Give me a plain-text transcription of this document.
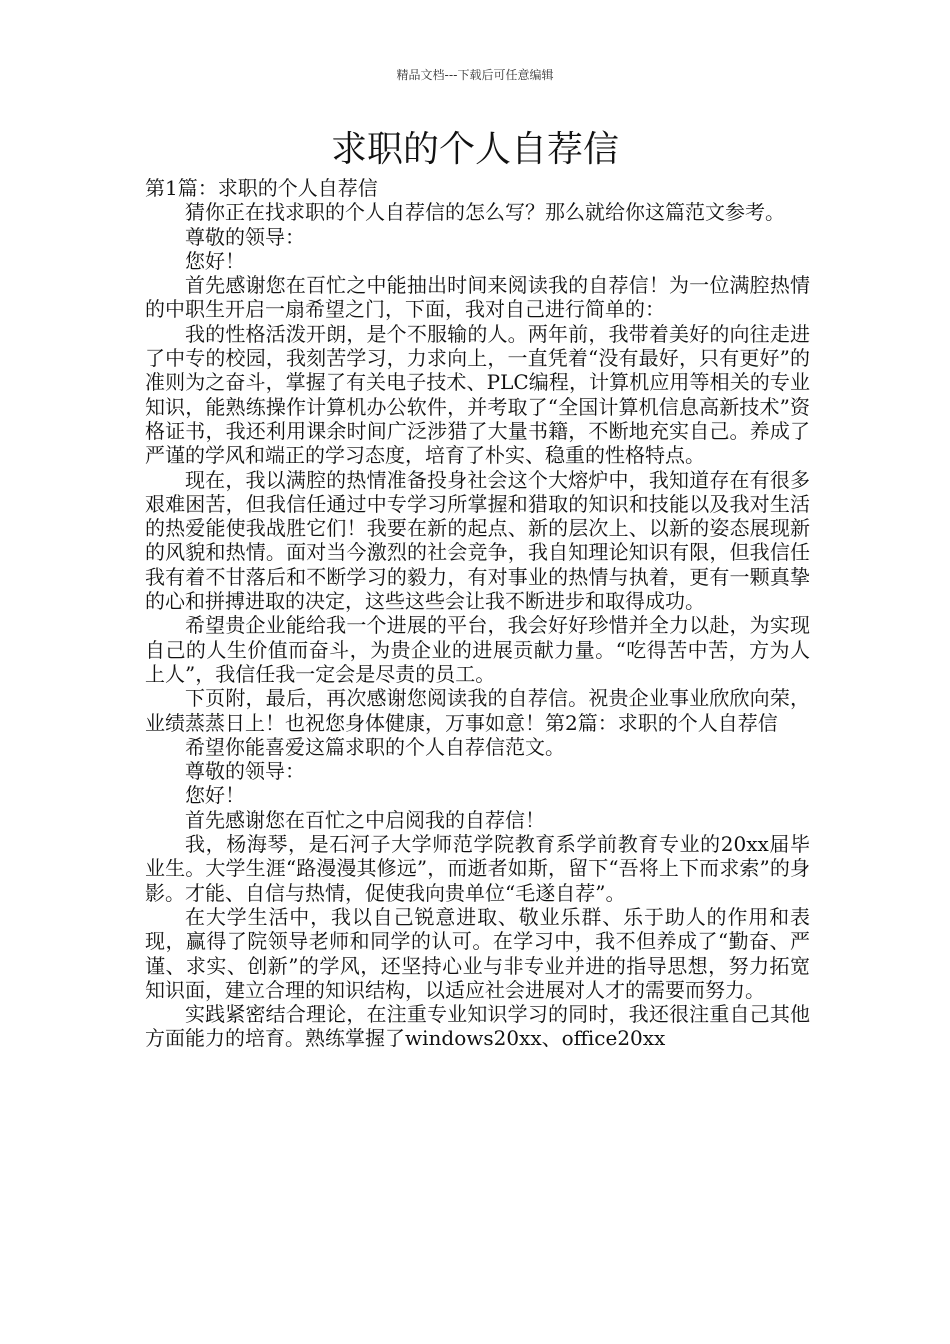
精品文档---下载后可任意编辑
求职的个人自荐信

第1篇：求职的个人自荐信

猜你正在找求职的个人自荐信的怎么写？那么就给你这篇范文参考。

尊敬的领导：

您好！

首先感谢您在百忙之中能抽出时间来阅读我的自荐信！为一位满腔热情的中职生开启一扇希望之门，下面，我对自己进行简单的：

我的性格活泼开朗，是个不服输的人。两年前，我带着美好的向往走进了中专的校园，我刻苦学习，力求向上，一直凭着“没有最好，只有更好”的准则为之奋斗，掌握了有关电子技术、PLC编程，计算机应用等相关的专业知识，能熟练操作计算机办公软件，并考取了“全国计算机信息高新技术”资格证书，我还利用课余时间广泛涉猎了大量书籍，不断地充实自己。养成了严谨的学风和端正的学习态度，培育了朴实、稳重的性格特点。

现在，我以满腔的热情准备投身社会这个大熔炉中，我知道存在有很多艰难困苦，但我信任通过中专学习所掌握和猎取的知识和技能以及我对生活的热爱能使我战胜它们！我要在新的起点、新的层次上、以新的姿态展现新的风貌和热情。面对当今激烈的社会竞争，我自知理论知识有限，但我信任我有着不甘落后和不断学习的毅力，有对事业的热情与执着，更有一颗真挚的心和拼搏进取的决定，这些这些会让我不断进步和取得成功。

希望贵企业能给我一个进展的平台，我会好好珍惜并全力以赴，为实现自己的人生价值而奋斗，为贵企业的进展贡献力量。“吃得苦中苦，方为人上人”，我信任我一定会是尽责的员工。

下页附，最后，再次感谢您阅读我的自荐信。祝贵企业事业欣欣向荣，业绩蒸蒸日上！也祝您身体健康，万事如意！第2篇：求职的个人自荐信

希望你能喜爱这篇求职的个人自荐信范文。

尊敬的领导：

您好！

首先感谢您在百忙之中启阅我的自荐信！

我，杨海琴，是石河子大学师范学院教育系学前教育专业的20xx届毕业生。大学生涯“路漫漫其修远”，而逝者如斯，留下“吾将上下而求索”的身影。才能、自信与热情，促使我向贵单位“毛遂自荐”。

在大学生活中，我以自己锐意进取、敬业乐群、乐于助人的作用和表现，赢得了院领导老师和同学的认可。在学习中，我不但养成了“勤奋、严谨、求实、创新”的学风，还坚持心业与非专业并进的指导思想，努力拓宽知识面，建立合理的知识结构，以适应社会进展对人才的需要而努力。

实践紧密结合理论，在注重专业知识学习的同时，我还很注重自己其他方面能力的培育。熟练掌握了windows20xx、office20xx
